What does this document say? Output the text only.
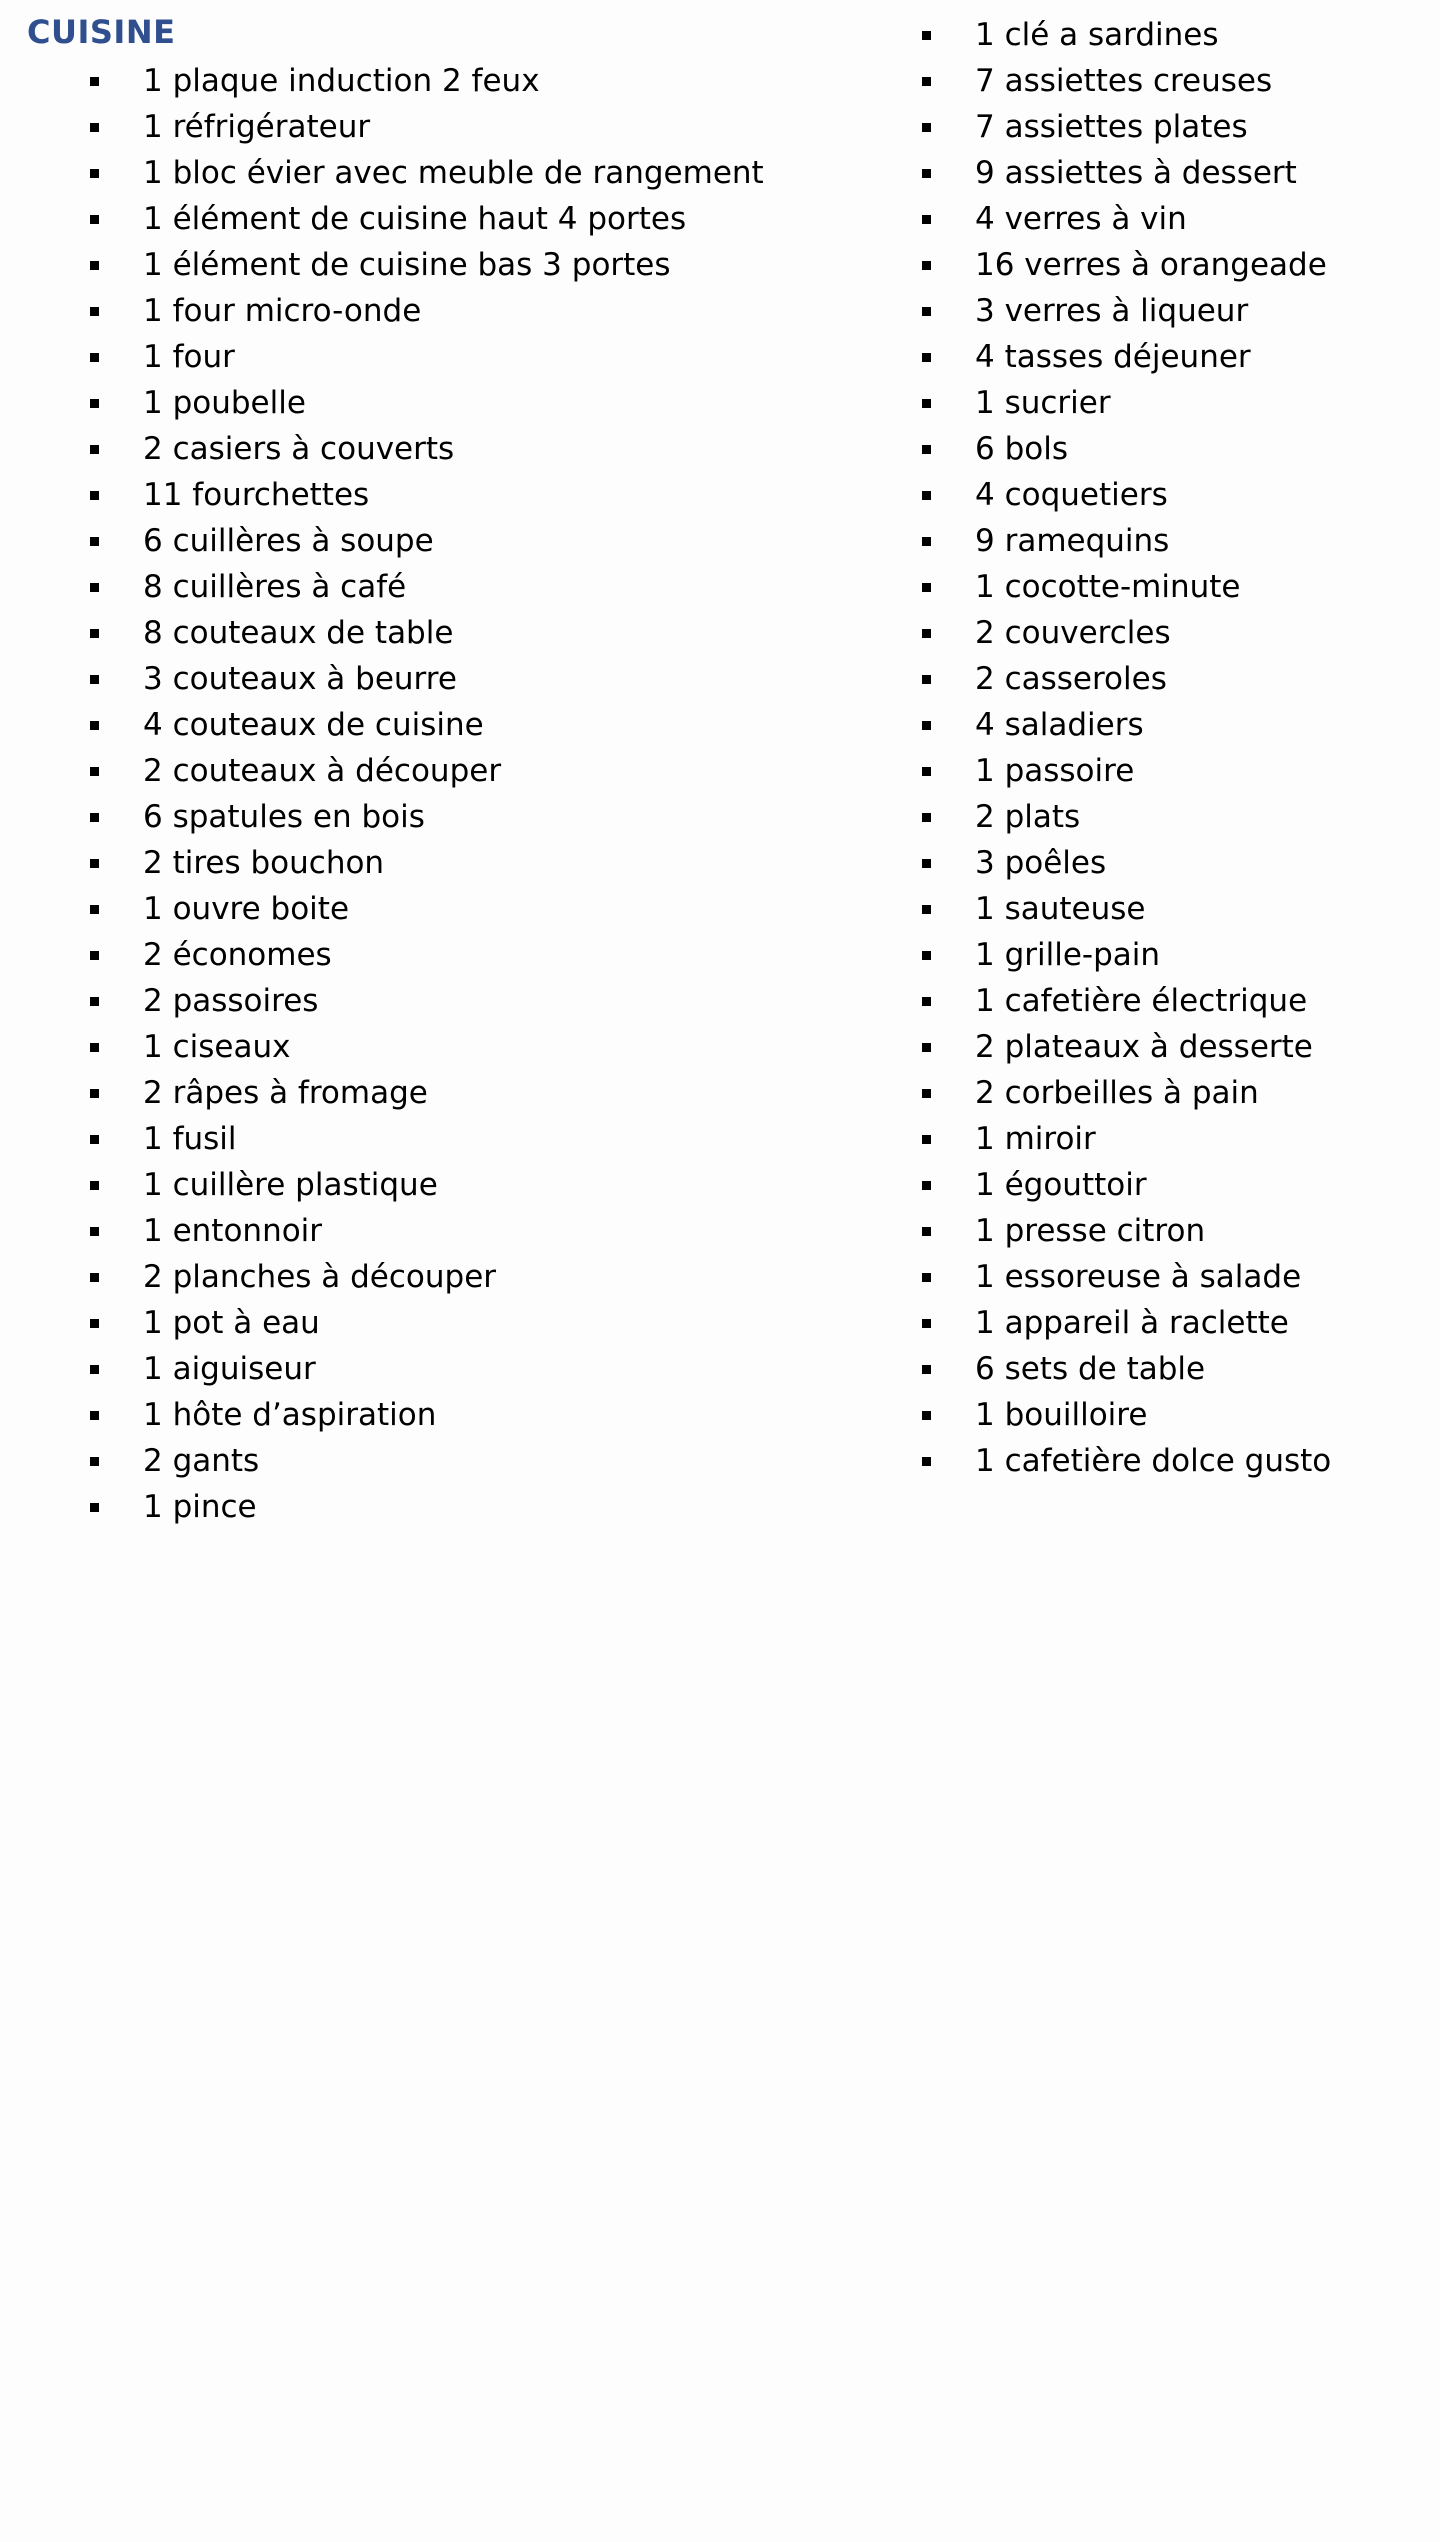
CUISINE
1 plaque induction 2 feux
1 réfrigérateur
1 bloc évier avec meuble de rangement
1 élément de cuisine haut 4 portes
1 élément de cuisine bas 3 portes
1 four micro-onde
1 four
1 poubelle
2 casiers à couverts
11 fourchettes
6 cuillères à soupe
8 cuillères à café
8 couteaux de table
3 couteaux à beurre
4 couteaux de cuisine
2 couteaux à découper
6 spatules en bois
2 tires bouchon
1 ouvre boite
2 économes
2 passoires
1 ciseaux
2 râpes à fromage
1 fusil
1 cuillère plastique
1 entonnoir
2 planches à découper
1 pot à eau
1 aiguiseur
1 hôte d’aspiration
2 gants
1 pince
1 clé a sardines
7 assiettes creuses
7 assiettes plates
9 assiettes à dessert
4 verres à vin
16 verres à orangeade
3 verres à liqueur
4 tasses déjeuner
1 sucrier
6 bols
4 coquetiers
9 ramequins
1 cocotte-minute
2 couvercles
2 casseroles
4 saladiers
1 passoire
2 plats
3 poêles
1 sauteuse
1 grille-pain
1 cafetière électrique
2 plateaux à desserte
2 corbeilles à pain
1 miroir
1 égouttoir
1 presse citron
1 essoreuse à salade
1 appareil à raclette
6 sets de table
1 bouilloire
1 cafetière dolce gusto
